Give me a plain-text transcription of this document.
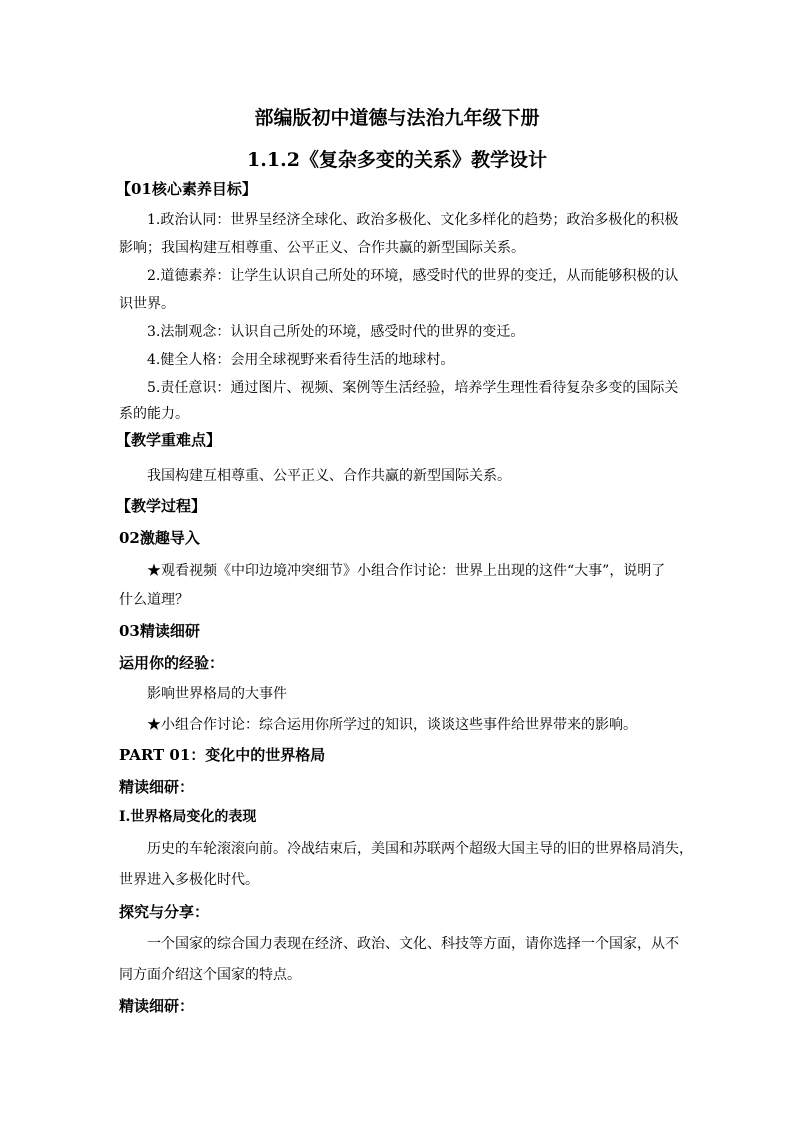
部编版初中道德与法治九年级下册
1.1.2《复杂多变的关系》教学设计
【01核心素养目标】
1.政治认同：世界呈经济全球化、政治多极化、文化多样化的趋势；政治多极化的积极
影响；我国构建互相尊重、公平正义、合作共赢的新型国际关系。
2.道德素养：让学生认识自己所处的环境，感受时代的世界的变迁，从而能够积极的认
识世界。
3.法制观念：认识自己所处的环境，感受时代的世界的变迁。
4.健全人格：会用全球视野来看待生活的地球村。
5.责任意识：通过图片、视频、案例等生活经验，培养学生理性看待复杂多变的国际关
系的能力。
【教学重难点】
我国构建互相尊重、公平正义、合作共赢的新型国际关系。
【教学过程】
02激趣导入
★观看视频《中印边境冲突细节》小组合作讨论：世界上出现的这件“大事”，说明了
什么道理？
03精读细研
运用你的经验：
影响世界格局的大事件
★小组合作讨论：综合运用你所学过的知识，谈谈这些事件给世界带来的影响。
PART 01：变化中的世界格局
精读细研：
Ⅰ.世界格局变化的表现
历史的车轮滚滚向前。冷战结束后，美国和苏联两个超级大国主导的旧的世界格局消失，
世界进入多极化时代。
探究与分享：
一个国家的综合国力表现在经济、政治、文化、科技等方面，请你选择一个国家，从不
同方面介绍这个国家的特点。
精读细研：
